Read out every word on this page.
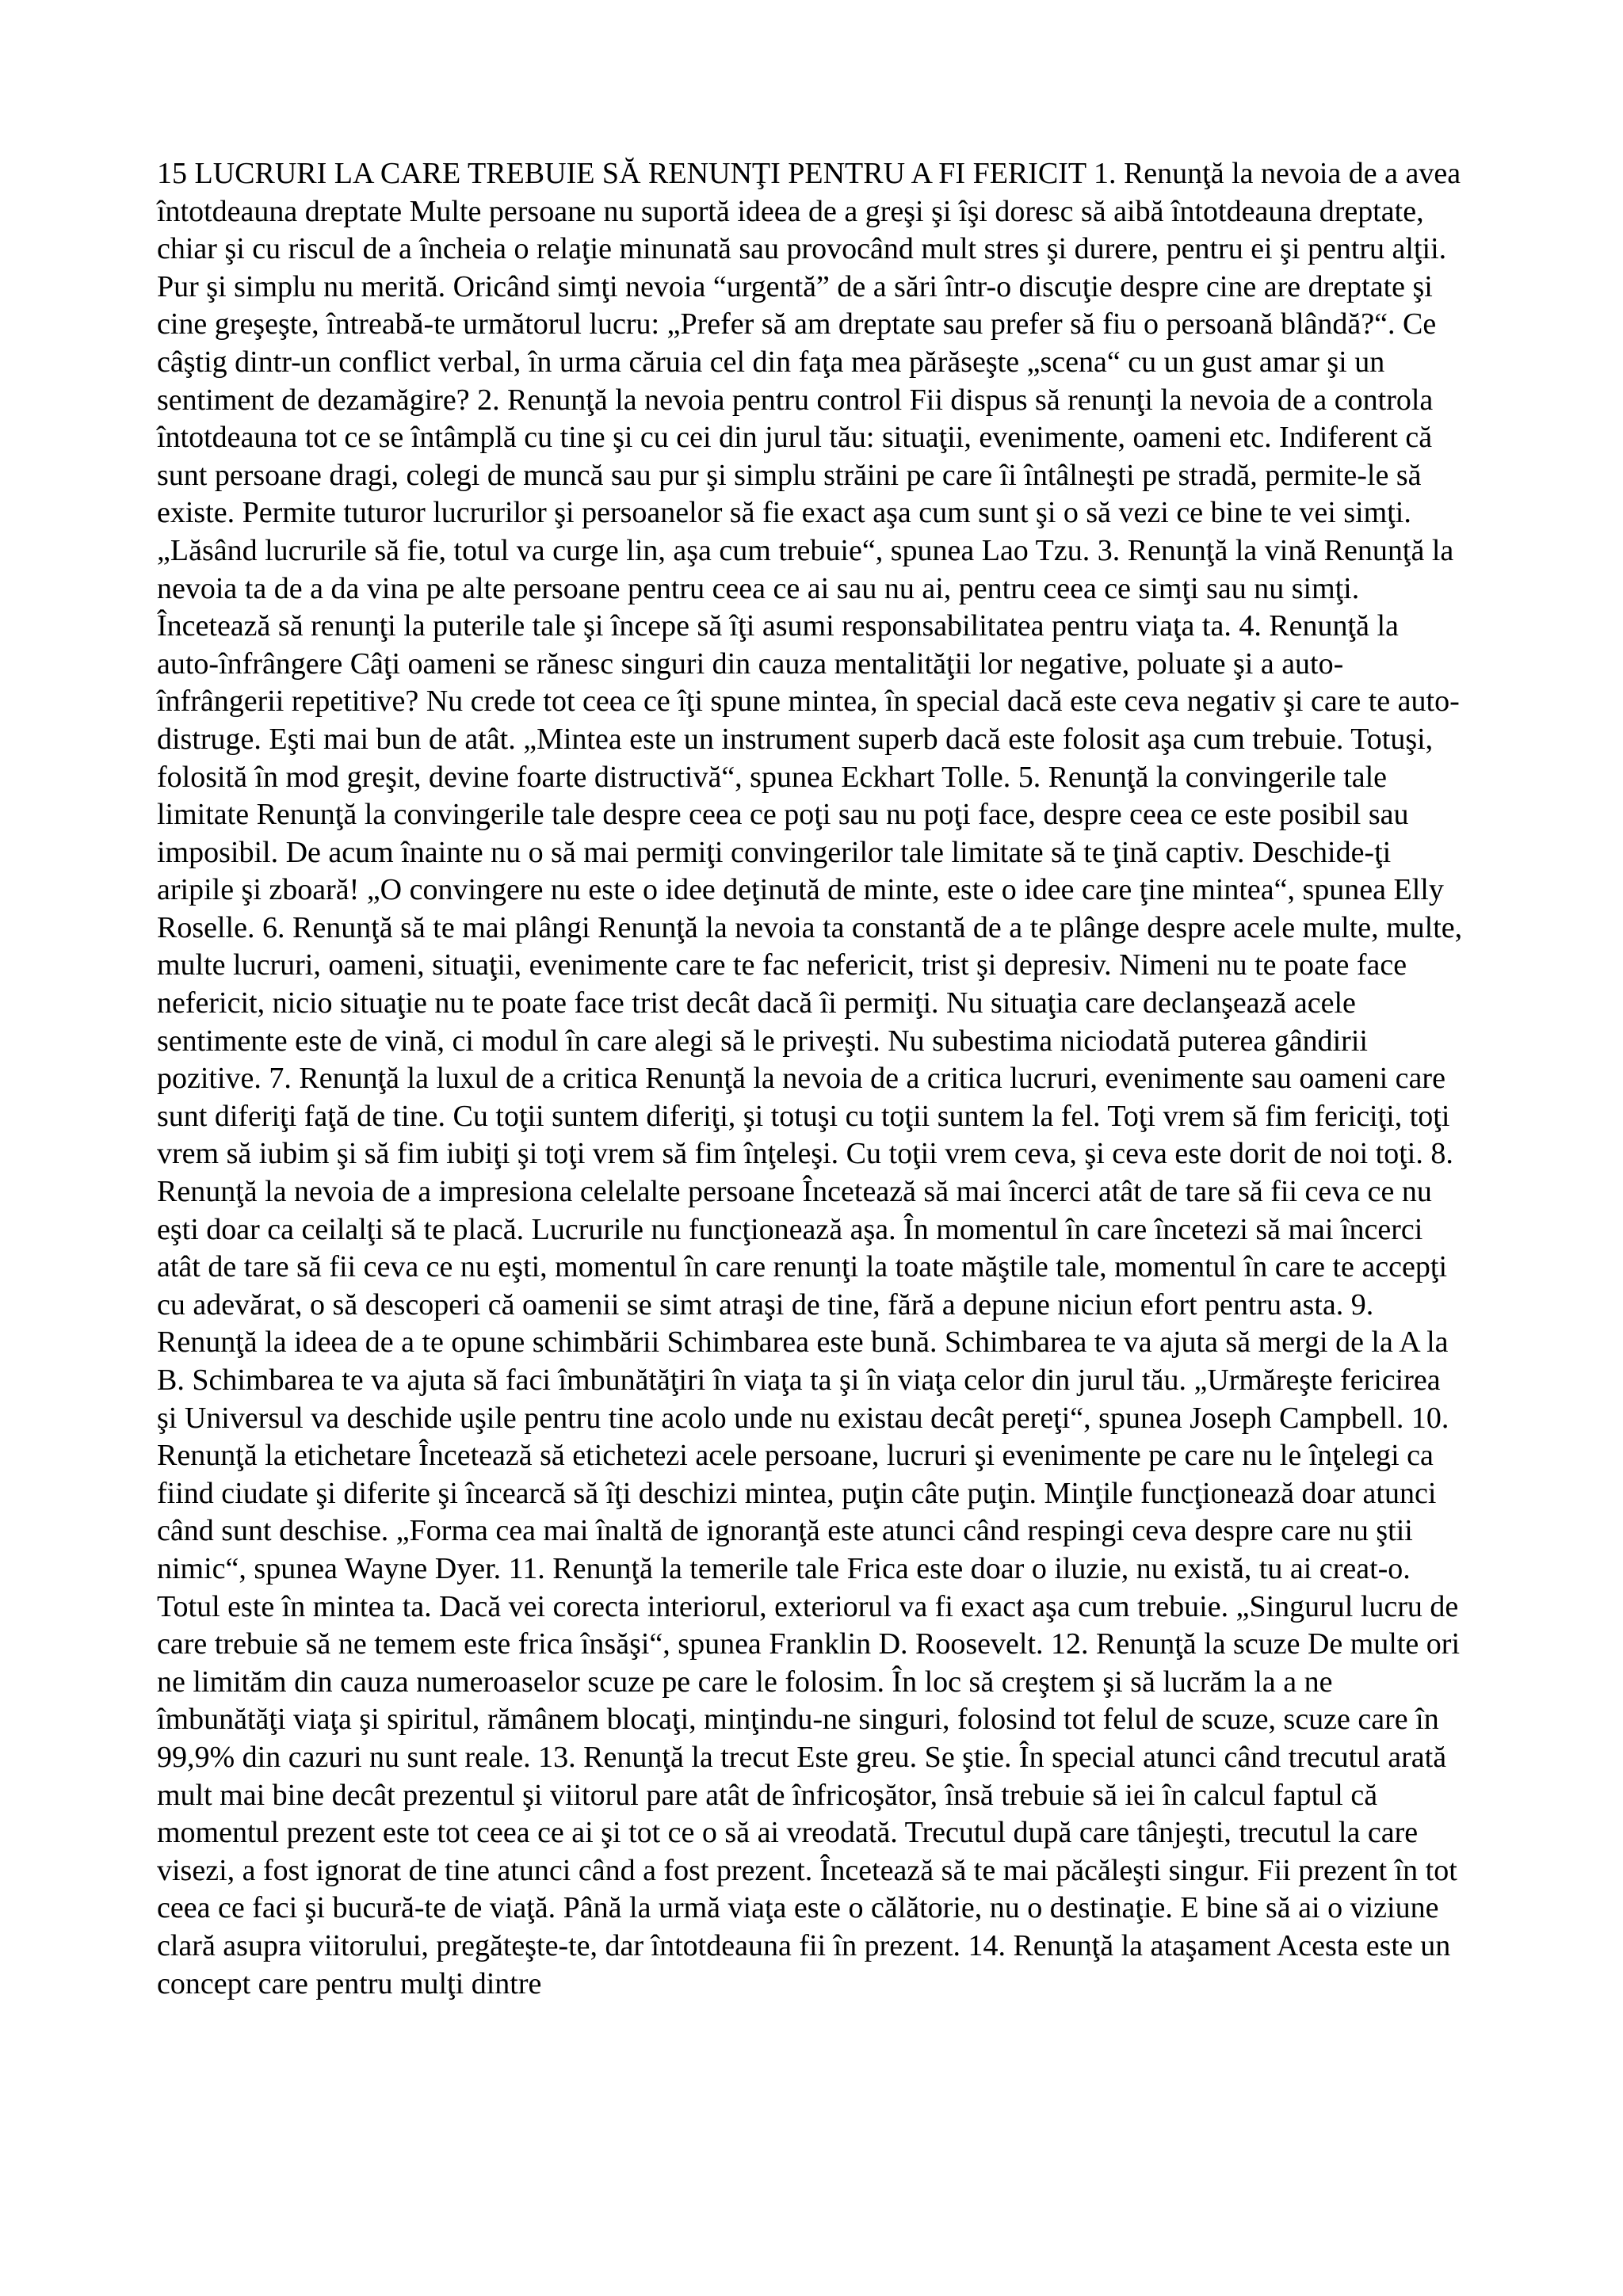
15 LUCRURI LA CARE TREBUIE SĂ RENUNŢI PENTRU A FI FERICIT 1. Renunţă la nevoia de a avea întotdeauna dreptate Multe persoane nu suportă ideea de a greşi şi îşi doresc să aibă întotdeauna dreptate, chiar şi cu riscul de a încheia o relaţie minunată sau provocând mult stres şi durere, pentru ei şi pentru alţii. Pur şi simplu nu merită. Oricând simţi nevoia “urgentă” de a sări într-o discuţie despre cine are dreptate şi cine greşeşte, întreabă-te următorul lucru: „Prefer să am dreptate sau prefer să fiu o persoană blândă?“. Ce câştig dintr-un conflict verbal, în urma căruia cel din faţa mea părăseşte „scena“ cu un gust amar şi un sentiment de dezamăgire? 2. Renunţă la nevoia pentru control Fii dispus să renunţi la nevoia de a controla întotdeauna tot ce se întâmplă cu tine şi cu cei din jurul tău: situaţii, evenimente, oameni etc. Indiferent că sunt persoane dragi, colegi de muncă sau pur şi simplu străini pe care îi întâlneşti pe stradă, permite-le să existe. Permite tuturor lucrurilor şi persoanelor să fie exact aşa cum sunt şi o să vezi ce bine te vei simţi. „Lăsând lucrurile să fie, totul va curge lin, aşa cum trebuie“, spunea Lao Tzu. 3. Renunţă la vină Renunţă la nevoia ta de a da vina pe alte persoane pentru ceea ce ai sau nu ai, pentru ceea ce simţi sau nu simţi. Încetează să renunţi la puterile tale şi începe să îţi asumi responsabilitatea pentru viaţa ta. 4. Renunţă la auto-înfrângere Câţi oameni se rănesc singuri din cauza mentalităţii lor negative, poluate şi a auto-înfrângerii repetitive? Nu crede tot ceea ce îţi spune mintea, în special dacă este ceva negativ şi care te auto-distruge. Eşti mai bun de atât. „Mintea este un instrument superb dacă este folosit aşa cum trebuie. Totuşi, folosită în mod greşit, devine foarte distructivă“, spunea Eckhart Tolle. 5. Renunţă la convingerile tale limitate Renunţă la convingerile tale despre ceea ce poţi sau nu poţi face, despre ceea ce este posibil sau imposibil. De acum înainte nu o să mai permiţi convingerilor tale limitate să te ţină captiv. Deschide-ţi aripile şi zboară! „O convingere nu este o idee deţinută de minte, este o idee care ţine mintea“, spunea Elly Roselle. 6. Renunţă să te mai plângi Renunţă la nevoia ta constantă de a te plânge despre acele multe, multe, multe lucruri, oameni, situaţii, evenimente care te fac nefericit, trist şi depresiv. Nimeni nu te poate face nefericit, nicio situaţie nu te poate face trist decât dacă îi permiţi. Nu situaţia care declanşează acele sentimente este de vină, ci modul în care alegi să le priveşti. Nu subestima niciodată puterea gândirii pozitive. 7. Renunţă la luxul de a critica Renunţă la nevoia de a critica lucruri, evenimente sau oameni care sunt diferiţi faţă de tine. Cu toţii suntem diferiţi, şi totuşi cu toţii suntem la fel. Toţi vrem să fim fericiţi, toţi vrem să iubim şi să fim iubiţi şi toţi vrem să fim înţeleşi. Cu toţii vrem ceva, şi ceva este dorit de noi toţi. 8. Renunţă la nevoia de a impresiona celelalte persoane Încetează să mai încerci atât de tare să fii ceva ce nu eşti doar ca ceilalţi să te placă. Lucrurile nu funcţionează aşa. În momentul în care încetezi să mai încerci atât de tare să fii ceva ce nu eşti, momentul în care renunţi la toate măştile tale, momentul în care te accepţi cu adevărat, o să descoperi că oamenii se simt atraşi de tine, fără a depune niciun efort pentru asta. 9. Renunţă la ideea de a te opune schimbării Schimbarea este bună. Schimbarea te va ajuta să mergi de la A la B. Schimbarea te va ajuta să faci îmbunătăţiri în viaţa ta şi în viaţa celor din jurul tău. „Urmăreşte fericirea şi Universul va deschide uşile pentru tine acolo unde nu existau decât pereţi“, spunea Joseph Campbell. 10. Renunţă la etichetare Încetează să etichetezi acele persoane, lucruri şi evenimente pe care nu le înţelegi ca fiind ciudate şi diferite şi încearcă să îţi deschizi mintea, puţin câte puţin. Minţile funcţionează doar atunci când sunt deschise. „Forma cea mai înaltă de ignoranţă este atunci când respingi ceva despre care nu ştii nimic“, spunea Wayne Dyer. 11. Renunţă la temerile tale Frica este doar o iluzie, nu există, tu ai creat-o. Totul este în mintea ta. Dacă vei corecta interiorul, exteriorul va fi exact aşa cum trebuie. „Singurul lucru de care trebuie să ne temem este frica însăşi“, spunea Franklin D. Roosevelt. 12. Renunţă la scuze De multe ori ne limităm din cauza numeroaselor scuze pe care le folosim. În loc să creştem şi să lucrăm la a ne îmbunătăţi viaţa şi spiritul, rămânem blocaţi, minţindu-ne singuri, folosind tot felul de scuze, scuze care în 99,9% din cazuri nu sunt reale. 13. Renunţă la trecut Este greu. Se ştie. În special atunci când trecutul arată mult mai bine decât prezentul şi viitorul pare atât de înfricoşător, însă trebuie să iei în calcul faptul că momentul prezent este tot ceea ce ai şi tot ce o să ai vreodată. Trecutul după care tânjeşti, trecutul la care visezi, a fost ignorat de tine atunci când a fost prezent. Încetează să te mai păcăleşti singur. Fii prezent în tot ceea ce faci şi bucură-te de viaţă. Până la urmă viaţa este o călătorie, nu o destinaţie. E bine să ai o viziune clară asupra viitorului, pregăteşte-te, dar întotdeauna fii în prezent. 14. Renunţă la ataşament Acesta este un concept care pentru mulţi dintre
